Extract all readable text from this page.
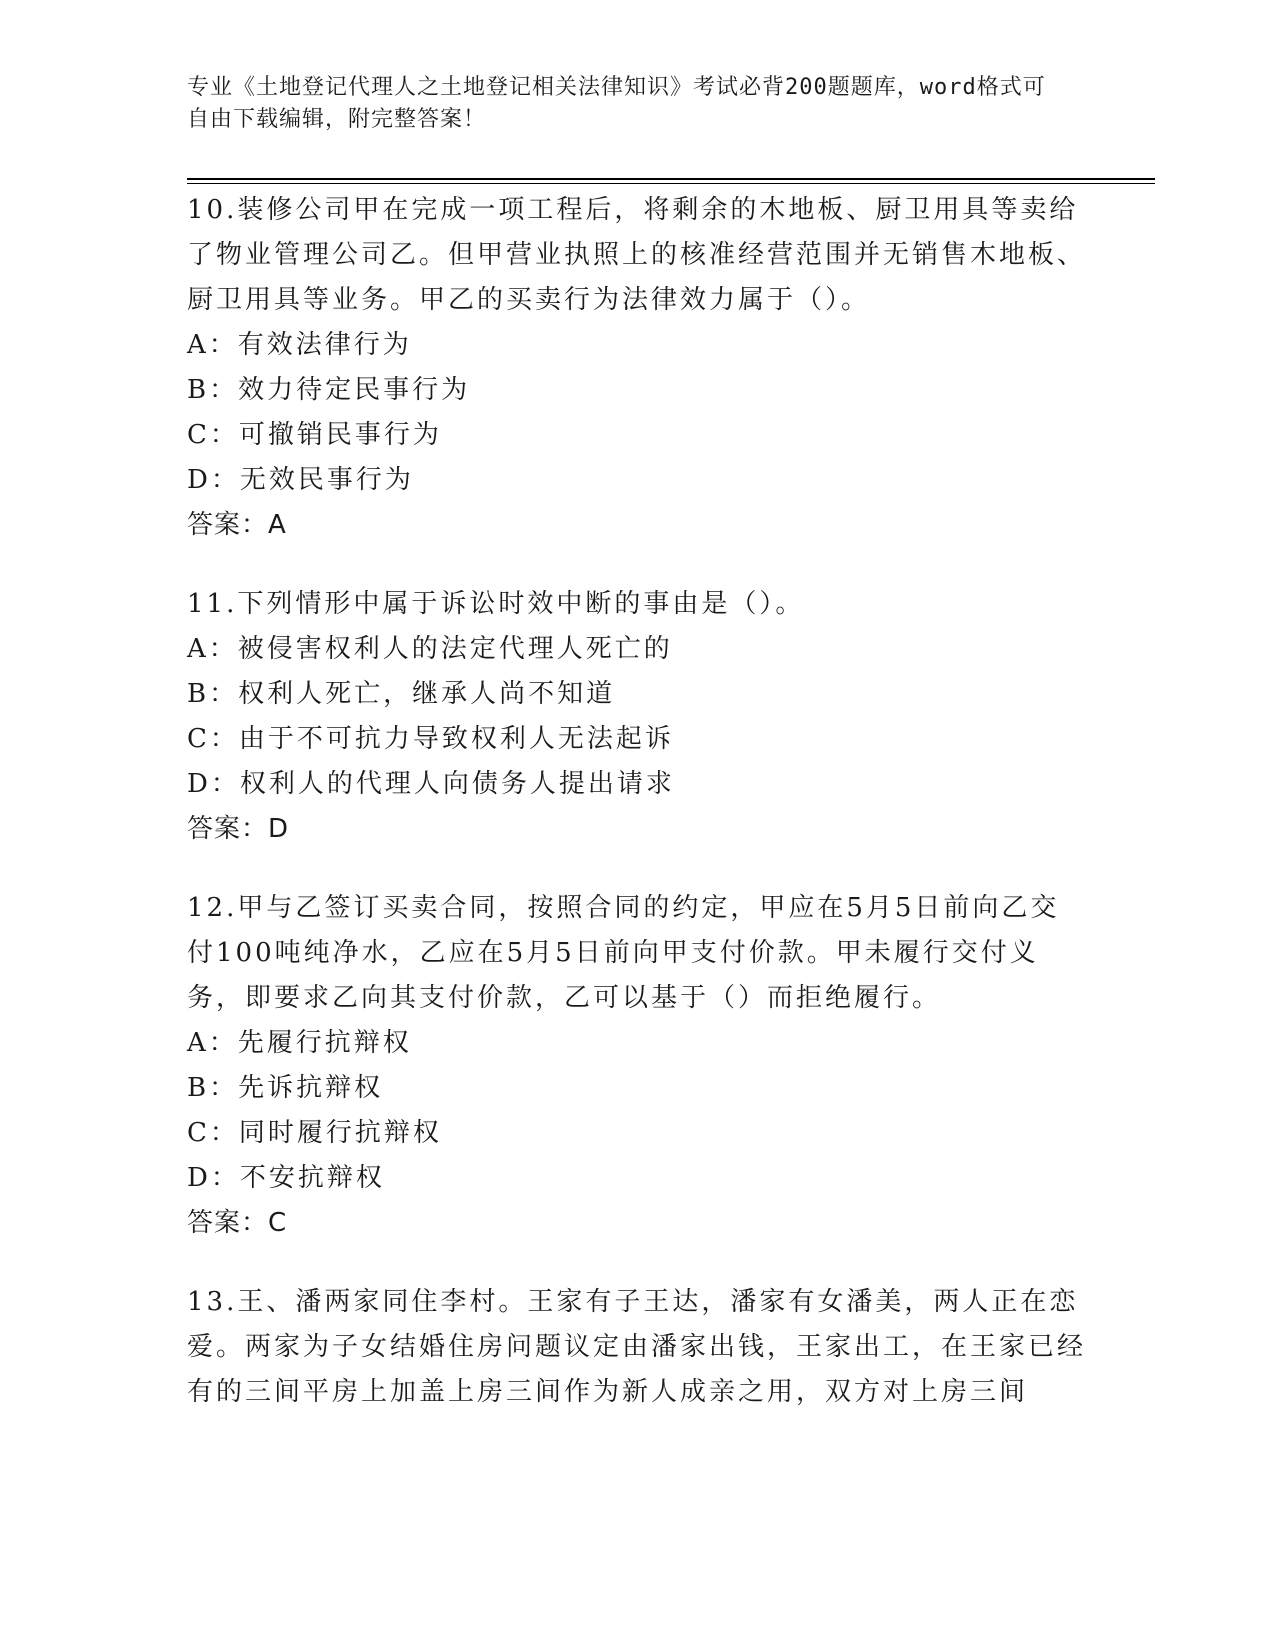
专业《土地登记代理人之土地登记相关法律知识》考试必背200题题库，word格式可自由下载编辑，附完整答案！

10.装修公司甲在完成一项工程后，将剩余的木地板、厨卫用具等卖给了物业管理公司乙。但甲营业执照上的核准经营范围并无销售木地板、厨卫用具等业务。甲乙的买卖行为法律效力属于（）。

A：有效法律行为

B：效力待定民事行为

C：可撤销民事行为

D：无效民事行为

答案：A

11.下列情形中属于诉讼时效中断的事由是（）。

A：被侵害权利人的法定代理人死亡的

B：权利人死亡，继承人尚不知道

C：由于不可抗力导致权利人无法起诉

D：权利人的代理人向债务人提出请求

答案：D

12.甲与乙签订买卖合同，按照合同的约定，甲应在5月5日前向乙交付100吨纯净水，乙应在5月5日前向甲支付价款。甲未履行交付义务，即要求乙向其支付价款，乙可以基于（）而拒绝履行。

A：先履行抗辩权

B：先诉抗辩权

C：同时履行抗辩权

D：不安抗辩权

答案：C

13.王、潘两家同住李村。王家有子王达，潘家有女潘美，两人正在恋爱。两家为子女结婚住房问题议定由潘家出钱，王家出工，在王家已经有的三间平房上加盖上房三间作为新人成亲之用，双方对上房三间
